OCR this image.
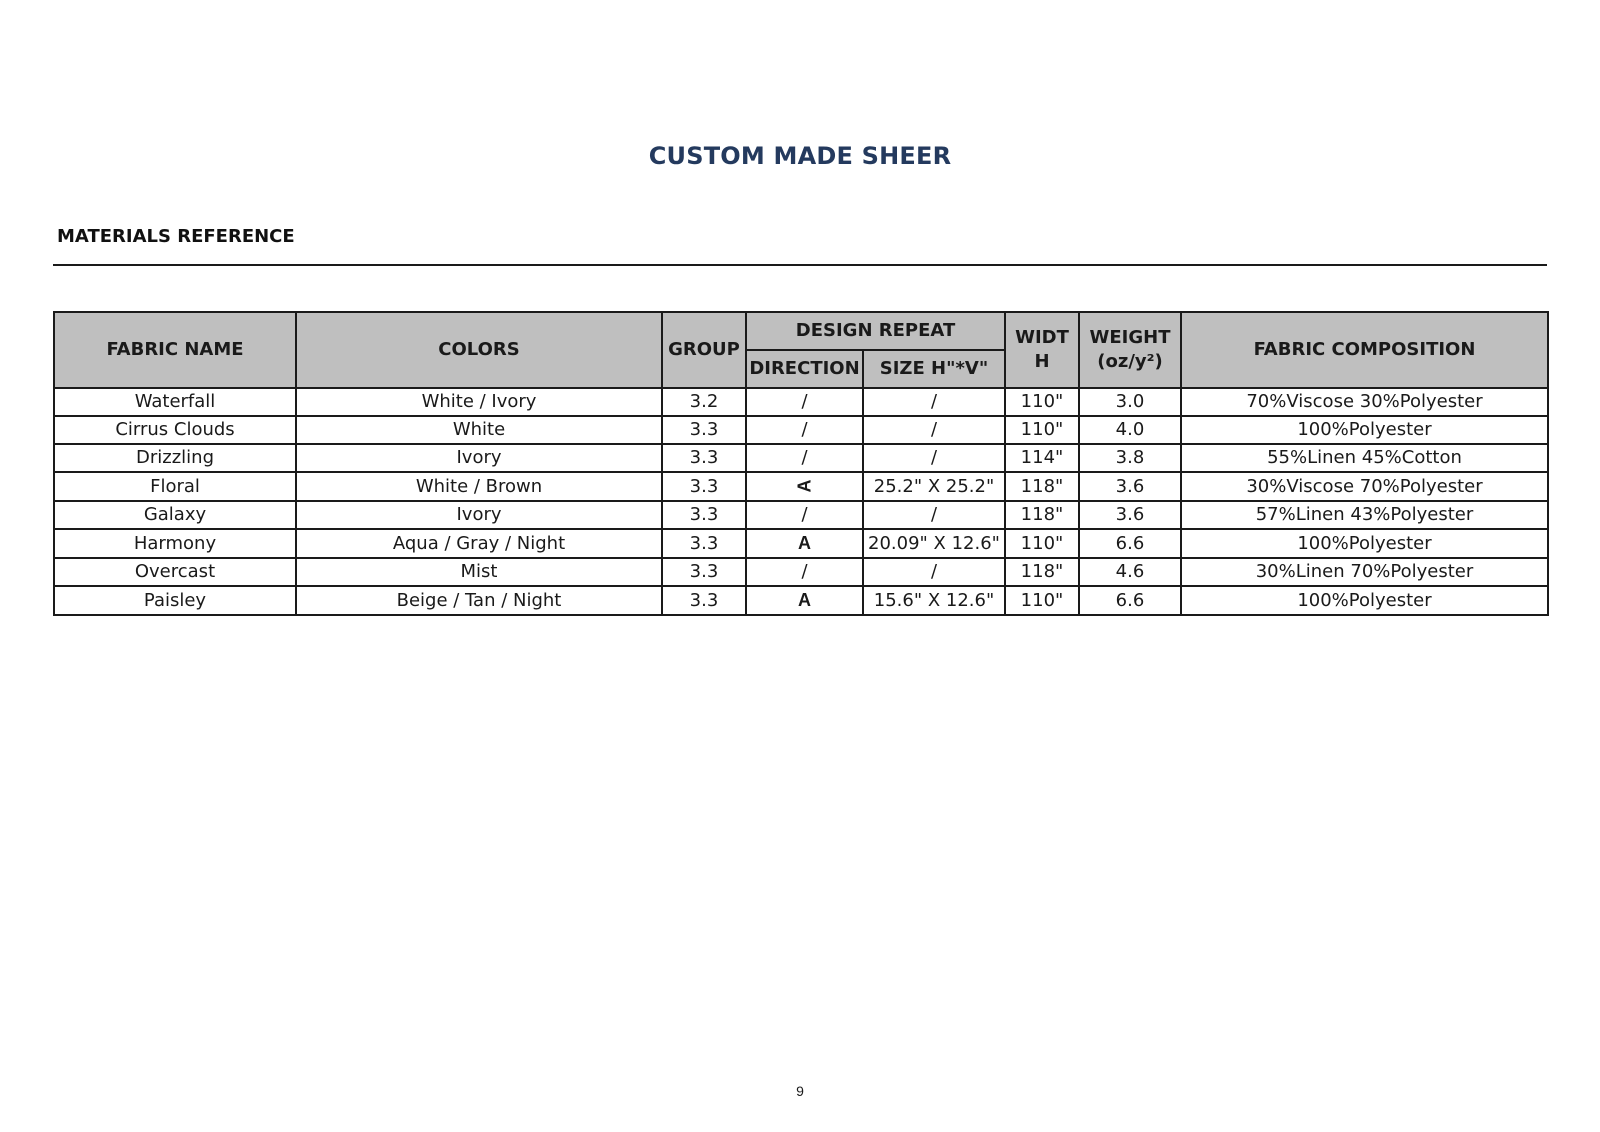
CUSTOM MADE SHEER
MATERIALS REFERENCE
FABRIC NAME	COLORS	GROUP	DESIGN REPEAT		WIDT H	WEIGHT (oz/y²)	FABRIC COMPOSITION
			DIRECTION	SIZE H"*V"			
Waterfall	White / Ivory	3.2	/	/	110"	3.0	70%Viscose 30%Polyester
Cirrus Clouds	White	3.3	/	/	110"	4.0	100%Polyester
Drizzling	Ivory	3.3	/	/	114"	3.8	55%Linen 45%Cotton
Floral	White / Brown	3.3	A	25.2" X 25.2"	118"	3.6	30%Viscose 70%Polyester
Galaxy	Ivory	3.3	/	/	118"	3.6	57%Linen 43%Polyester
Harmony	Aqua / Gray / Night	3.3	A	20.09" X 12.6"	110"	6.6	100%Polyester
Overcast	Mist	3.3	/	/	118"	4.6	30%Linen 70%Polyester
Paisley	Beige / Tan / Night	3.3	A	15.6" X 12.6"	110"	6.6	100%Polyester
9
